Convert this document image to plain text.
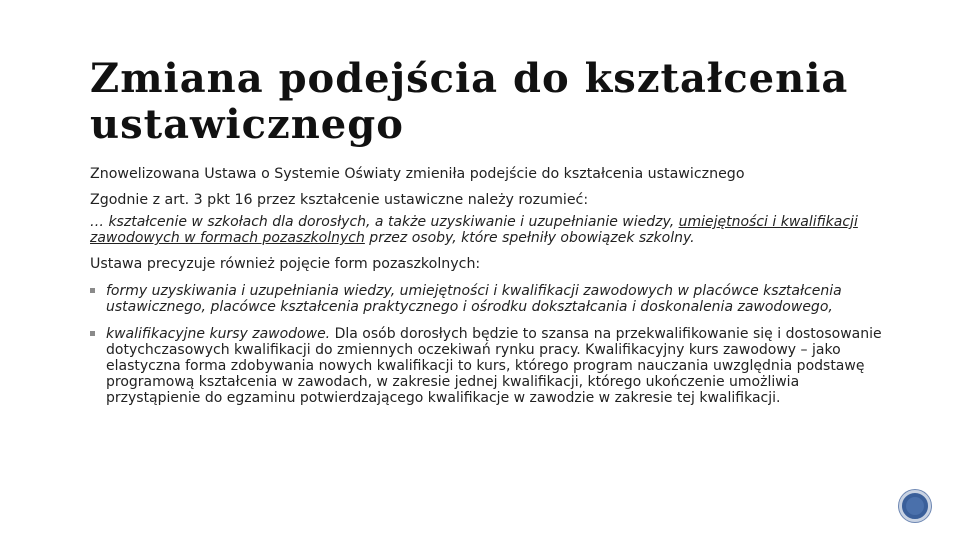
Zmiana podejścia do kształcenia ustawicznego

Znowelizowana Ustawa o Systemie Oświaty zmieniła podejście do kształcenia ustawicznego

Zgodnie z art. 3 pkt 16 przez kształcenie ustawiczne należy rozumieć:

… kształcenie w szkołach dla dorosłych, a także uzyskiwanie i uzupełnianie wiedzy, umiejętności i kwalifikacji zawodowych w formach pozaszkolnych przez osoby, które spełniły obowiązek szkolny.

Ustawa precyzuje również pojęcie form pozaszkolnych:

formy uzyskiwania i uzupełniania wiedzy, umiejętności i kwalifikacji zawodowych w placówce kształcenia ustawicznego, placówce kształcenia praktycznego i ośrodku dokształcania i doskonalenia zawodowego,
kwalifikacyjne kursy zawodowe. Dla osób dorosłych będzie to szansa na przekwalifikowanie się i dostosowanie dotychczasowych kwalifikacji do zmiennych oczekiwań rynku pracy. Kwalifikacyjny kurs zawodowy – jako elastyczna forma zdobywania nowych kwalifikacji to kurs, którego program nauczania uwzględnia podstawę programową kształcenia w zawodach, w zakresie jednej kwalifikacji, którego ukończenie umożliwia przystąpienie do egzaminu potwierdzającego kwalifikacje w zawodzie w zakresie tej kwalifikacji.
